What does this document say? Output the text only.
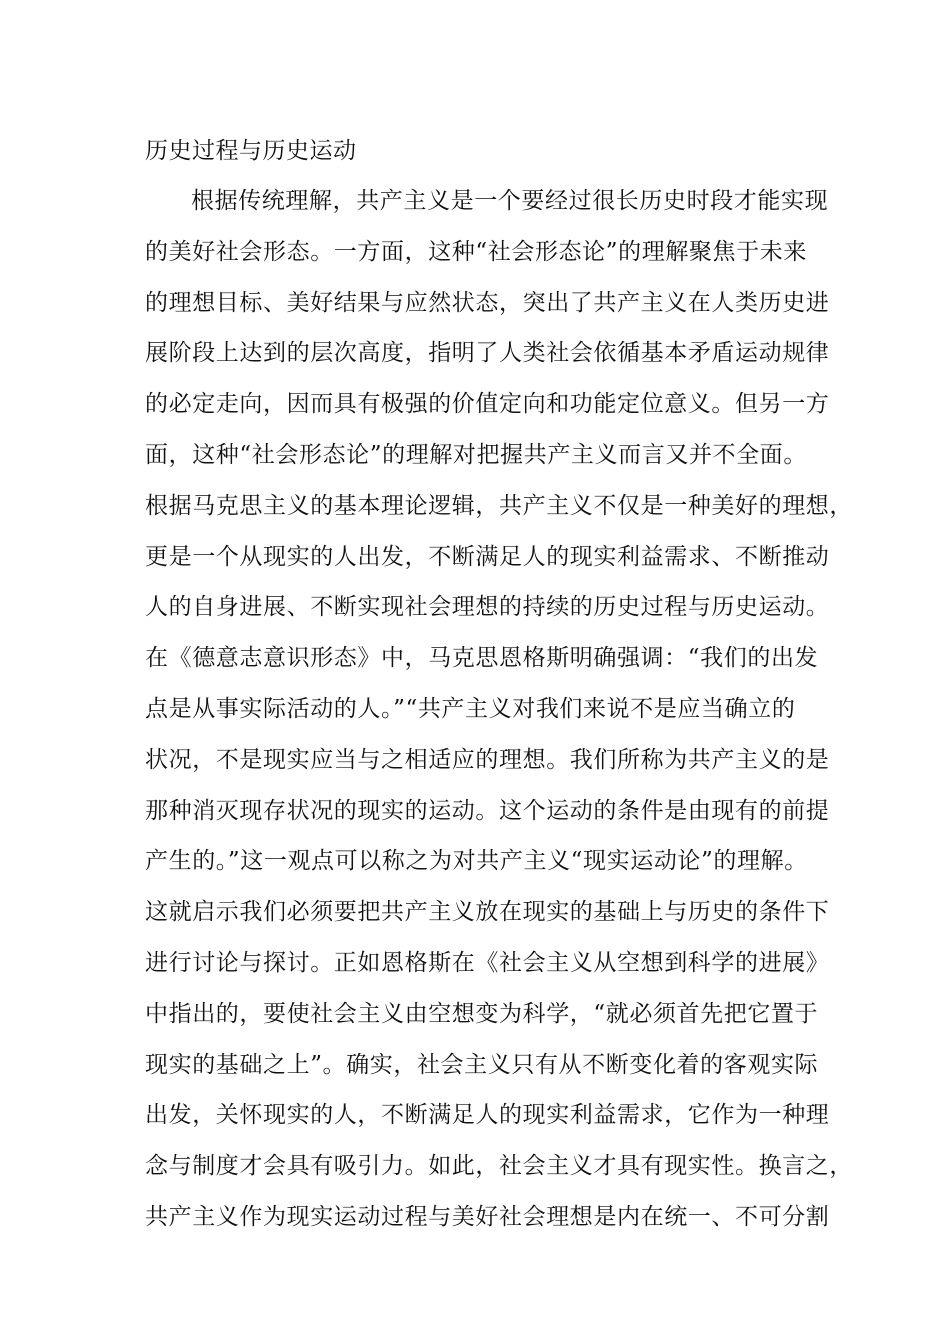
历史过程与历史运动
根据传统理解，共产主义是一个要经过很长历史时段才能实现
的美好社会形态。一方面，这种“社会形态论”的理解聚焦于未来
的理想目标、美好结果与应然状态，突出了共产主义在人类历史进
展阶段上达到的层次高度，指明了人类社会依循基本矛盾运动规律
的必定走向，因而具有极强的价值定向和功能定位意义。但另一方
面，这种“社会形态论”的理解对把握共产主义而言又并不全面。
根据马克思主义的基本理论逻辑，共产主义不仅是一种美好的理想，
更是一个从现实的人出发，不断满足人的现实利益需求、不断推动
人的自身进展、不断实现社会理想的持续的历史过程与历史运动。
在《德意志意识形态》中，马克思恩格斯明确强调：“我们的出发
点是从事实际活动的人。”“共产主义对我们来说不是应当确立的
状况，不是现实应当与之相适应的理想。我们所称为共产主义的是
那种消灭现存状况的现实的运动。这个运动的条件是由现有的前提
产生的。”这一观点可以称之为对共产主义“现实运动论”的理解。
这就启示我们必须要把共产主义放在现实的基础上与历史的条件下
进行讨论与探讨。正如恩格斯在《社会主义从空想到科学的进展》
中指出的，要使社会主义由空想变为科学，“就必须首先把它置于
现实的基础之上”。确实，社会主义只有从不断变化着的客观实际
出发，关怀现实的人，不断满足人的现实利益需求，它作为一种理
念与制度才会具有吸引力。如此，社会主义才具有现实性。换言之，
共产主义作为现实运动过程与美好社会理想是内在统一、不可分割
